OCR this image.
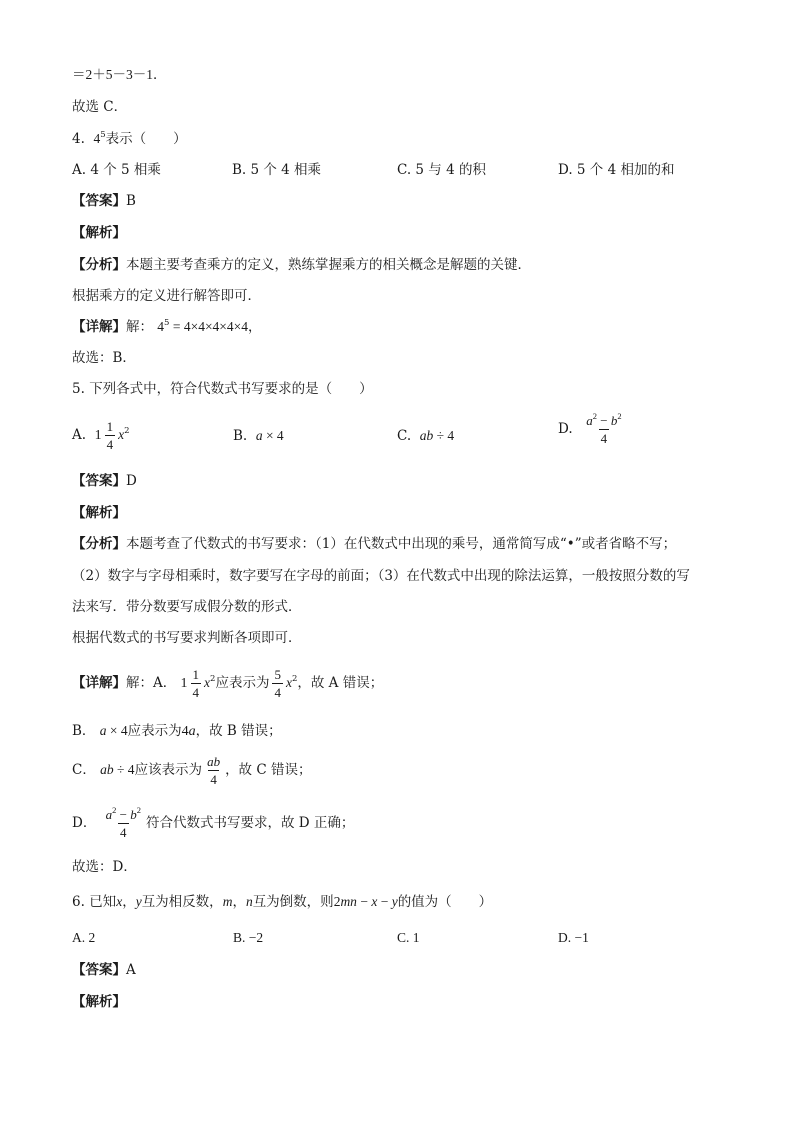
＝2＋5－3－1．
故选 C．
4. $4^5$表示（　　）
A. 4 个 5 相乘	B. 5 个 4 相乘	C. 5 与 4 的积	D. 5 个 4 相加的和
【答案】B
【解析】
【分析】本题主要考查乘方的定义，熟练掌握乘方的相关概念是解题的关键．
根据乘方的定义进行解答即可．
【详解】解： $4^5 = 4\times 4\times 4\times 4\times 4$，
故选：B．
5. 下列各式中，符合代数式书写要求的是（　　）
A. $1 \frac{1}{4} x^2$	B. a × 4	C. ab ÷ 4	D. $\frac{a^2 - b^2}{4}$
【答案】D
【解析】
【分析】本题考查了代数式的书写要求：（1）在代数式中出现的乘号，通常简写成“•”或者省略不写；
（2）数字与字母相乘时，数字要写在字母的前面；（3）在代数式中出现的除法运算，一般按照分数的写
法来写．带分数要写成假分数的形式．
根据代数式的书写要求判断各项即可．
【详解】解：A． $1 \frac{1}{4} x^2$应表示为 $\frac{5}{4} x^2$，故 A 错误；
B． a × 4应表示为4a，故 B 错误；
C． ab ÷ 4应该表示为 $\frac{ab}{4}$ ，故 C 错误；
D． $\frac{a^2 - b^2}{4}$ 符合代数式书写要求，故 D 正确；
故选：D．
6. 已知x，y互为相反数，m，n互为倒数，则2mn − x − y的值为（　　）
A. 2	B. −2	C. 1	D. −1
【答案】A
【解析】
